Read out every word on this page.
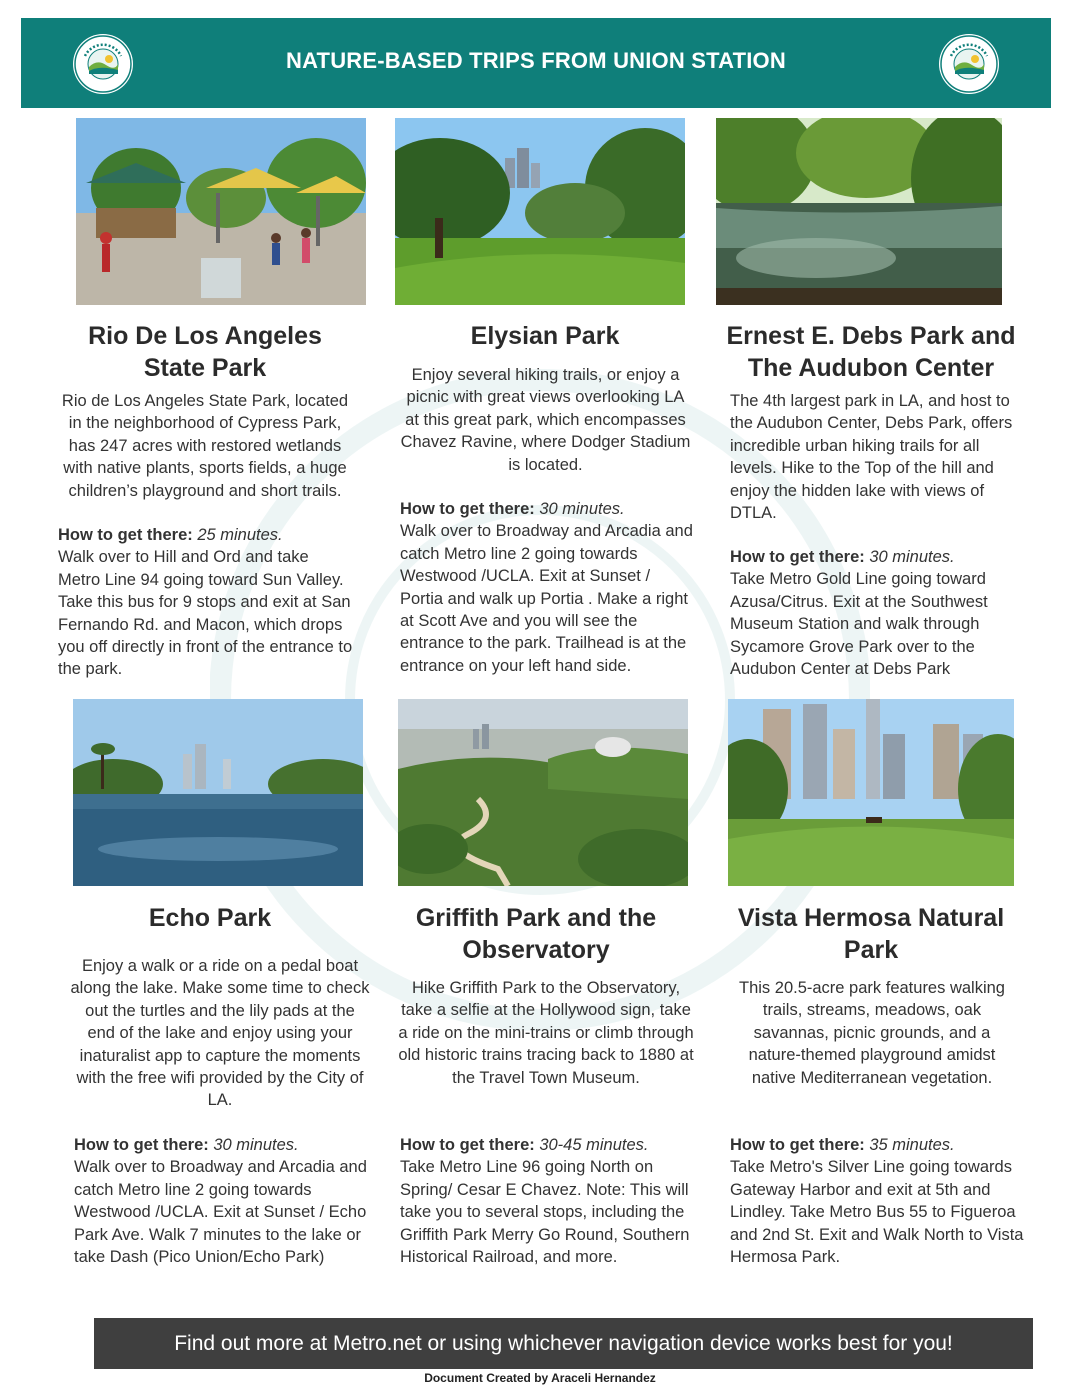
NATURE-BASED TRIPS FROM UNION STATION
Rio De Los Angeles State Park
Elysian Park	Ernest E. Debs Park and The Audubon Center

Rio de Los Angeles State Park, located in the neighborhood of Cypress Park, has 247 acres with restored wetlands with native plants, sports fields, a huge children’s playground and short trails.

Enjoy several hiking trails, or enjoy a picnic with great views overlooking LA at this great park, which encompasses Chavez Ravine, where Dodger Stadium is located.

The 4th largest park in LA, and host to the Audubon Center, Debs Park, offers incredible urban hiking trails for all levels. Hike to the Top of the hill and enjoy the hidden lake with views of DTLA.

How to get there: 25 minutes.
Walk over to Hill and Ord and take Metro Line 94 going toward Sun Valley. Take this bus for 9 stops and exit at San Fernando Rd. and Macon, which drops you off directly in front of the entrance to the park.

How to get there: 30 minutes.
Walk over to Broadway and Arcadia and catch Metro line 2 going towards Westwood /UCLA. Exit at Sunset / Portia and walk up Portia . Make a right at Scott Ave and you will see the entrance to the park. Trailhead is at the entrance on your left hand side.

How to get there: 30 minutes.
Take Metro Gold Line going toward Azusa/Citrus. Exit at the Southwest Museum Station and walk through Sycamore Grove Park over to the Audubon Center at Debs Park

Echo Park	Griffith Park and the Observatory
Vista Hermosa Natural Park

Enjoy a walk or a ride on a pedal boat along the lake. Make some time to check out the turtles and the lily pads at the end of the lake and enjoy using your inaturalist app to capture the moments with the free wifi provided by the City of LA.

Hike Griffith Park to the Observatory, take a selfie at the Hollywood sign, take a ride on the mini-trains or climb through old historic trains tracing back to 1880 at the Travel Town Museum.

This 20.5-acre park features walking trails, streams, meadows, oak savannas, picnic grounds, and a nature-themed playground amidst native Mediterranean vegetation.

How to get there: 30 minutes.
Walk over to Broadway and Arcadia and catch Metro line 2 going towards Westwood /UCLA. Exit at Sunset / Echo Park Ave. Walk 7 minutes to the lake or take Dash (Pico Union/Echo Park)

How to get there: 30-45 minutes.
Take Metro Line 96 going North on Spring/ Cesar E Chavez. Note: This will take you to several stops, including the Griffith Park Merry Go Round, Southern Historical Railroad, and more.

How to get there: 35 minutes.
Take Metro's Silver Line going towards Gateway Harbor and exit at 5th and Lindley. Take Metro Bus 55 to Figueroa and 2nd St. Exit and Walk North to Vista Hermosa Park.

Find out more at Metro.net or using whichever navigation device works best for you!
Document Created by Araceli Hernandez
